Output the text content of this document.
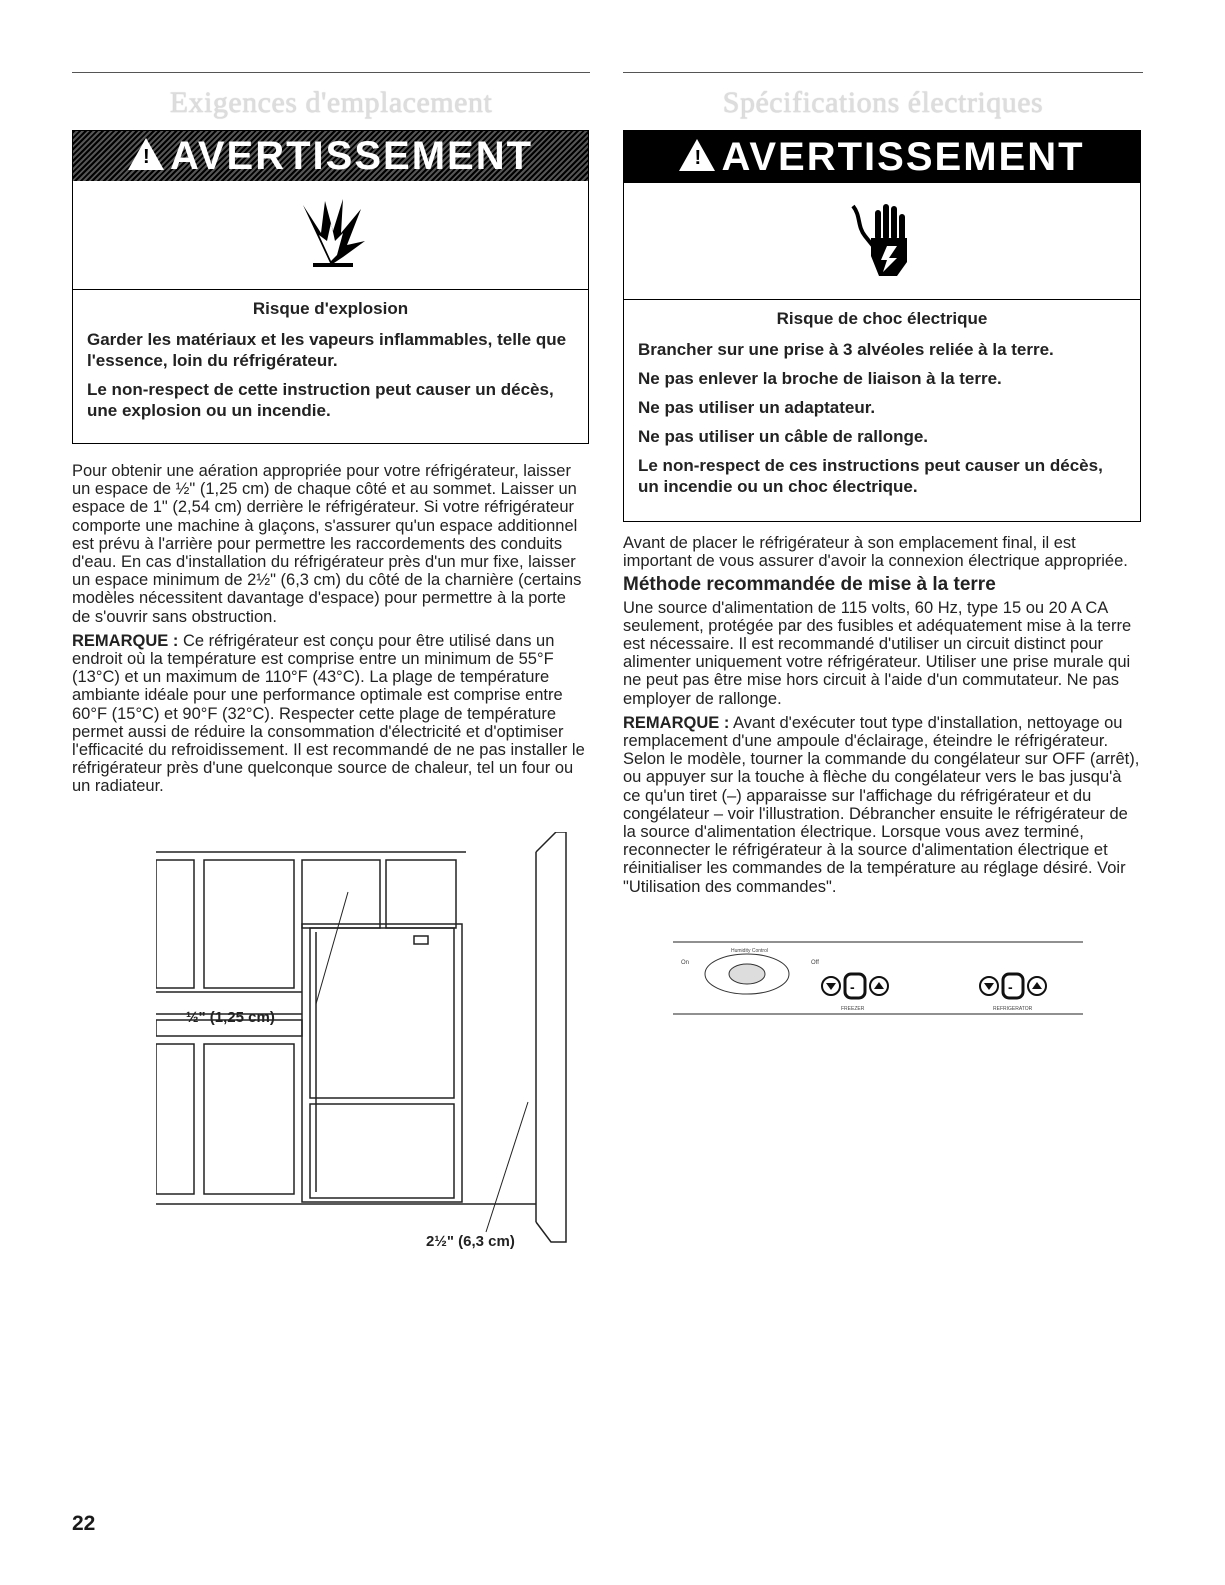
Exigences d'emplacement
! AVERTISSEMENT
Risque d'explosion

Garder les matériaux et les vapeurs inflammables, telle que l'essence, loin du réfrigérateur.

Le non-respect de cette instruction peut causer un décès, une explosion ou un incendie.

Pour obtenir une aération appropriée pour votre réfrigérateur, laisser un espace de ½" (1,25 cm) de chaque côté et au sommet. Laisser un espace de 1" (2,54 cm) derrière le réfrigérateur. Si votre réfrigérateur comporte une machine à glaçons, s'assurer qu'un espace additionnel est prévu à l'arrière pour permettre les raccordements des conduits d'eau. En cas d'installation du réfrigérateur près d'un mur fixe, laisser un espace minimum de 2½" (6,3 cm) du côté de la charnière (certains modèles nécessitent davantage d'espace) pour permettre à la porte de s'ouvrir sans obstruction.

REMARQUE : Ce réfrigérateur est conçu pour être utilisé dans un endroit où la température est comprise entre un minimum de 55°F (13°C) et un maximum de 110°F (43°C). La plage de température ambiante idéale pour une performance optimale est comprise entre 60°F (15°C) et 90°F (32°C). Respecter cette plage de température permet aussi de réduire la consommation d'électricité et d'optimiser l'efficacité du refroidissement. Il est recommandé de ne pas installer le réfrigérateur près d'une quelconque source de chaleur, tel un four ou un radiateur.

½" (1,25 cm)
2½" (6,3 cm)
Spécifications électriques
! AVERTISSEMENT
Risque de choc électrique

Brancher sur une prise à 3 alvéoles reliée à la terre.

Ne pas enlever la broche de liaison à la terre.

Ne pas utiliser un adaptateur.

Ne pas utiliser un câble de rallonge.

Le non-respect de ces instructions peut causer un décès, un incendie ou un choc électrique.

Avant de placer le réfrigérateur à son emplacement final, il est important de vous assurer d'avoir la connexion électrique appropriée.

Méthode recommandée de mise à la terre

Une source d'alimentation de 115 volts, 60 Hz, type 15 ou 20 A CA seulement, protégée par des fusibles et adéquatement mise à la terre est nécessaire. Il est recommandé d'utiliser un circuit distinct pour alimenter uniquement votre réfrigérateur. Utiliser une prise murale qui ne peut pas être mise hors circuit à l'aide d'un commutateur. Ne pas employer de rallonge.

REMARQUE : Avant d'exécuter tout type d'installation, nettoyage ou remplacement d'une ampoule d'éclairage, éteindre le réfrigérateur. Selon le modèle, tourner la commande du congélateur sur OFF (arrêt), ou appuyer sur la touche à flèche du congélateur vers le bas jusqu'à ce qu'un tiret (–) apparaisse sur l'affichage du réfrigérateur et du congélateur – voir l'illustration. Débrancher ensuite le réfrigérateur de la source d'alimentation électrique. Lorsque vous avez terminé, reconnecter le réfrigérateur à la source d'alimentation électrique et réinitialiser les commandes de la température au réglage désiré. Voir "Utilisation des commandes".

Humidity Control
On	Off
-
FREEZER
-
REFRIGERATOR
22
